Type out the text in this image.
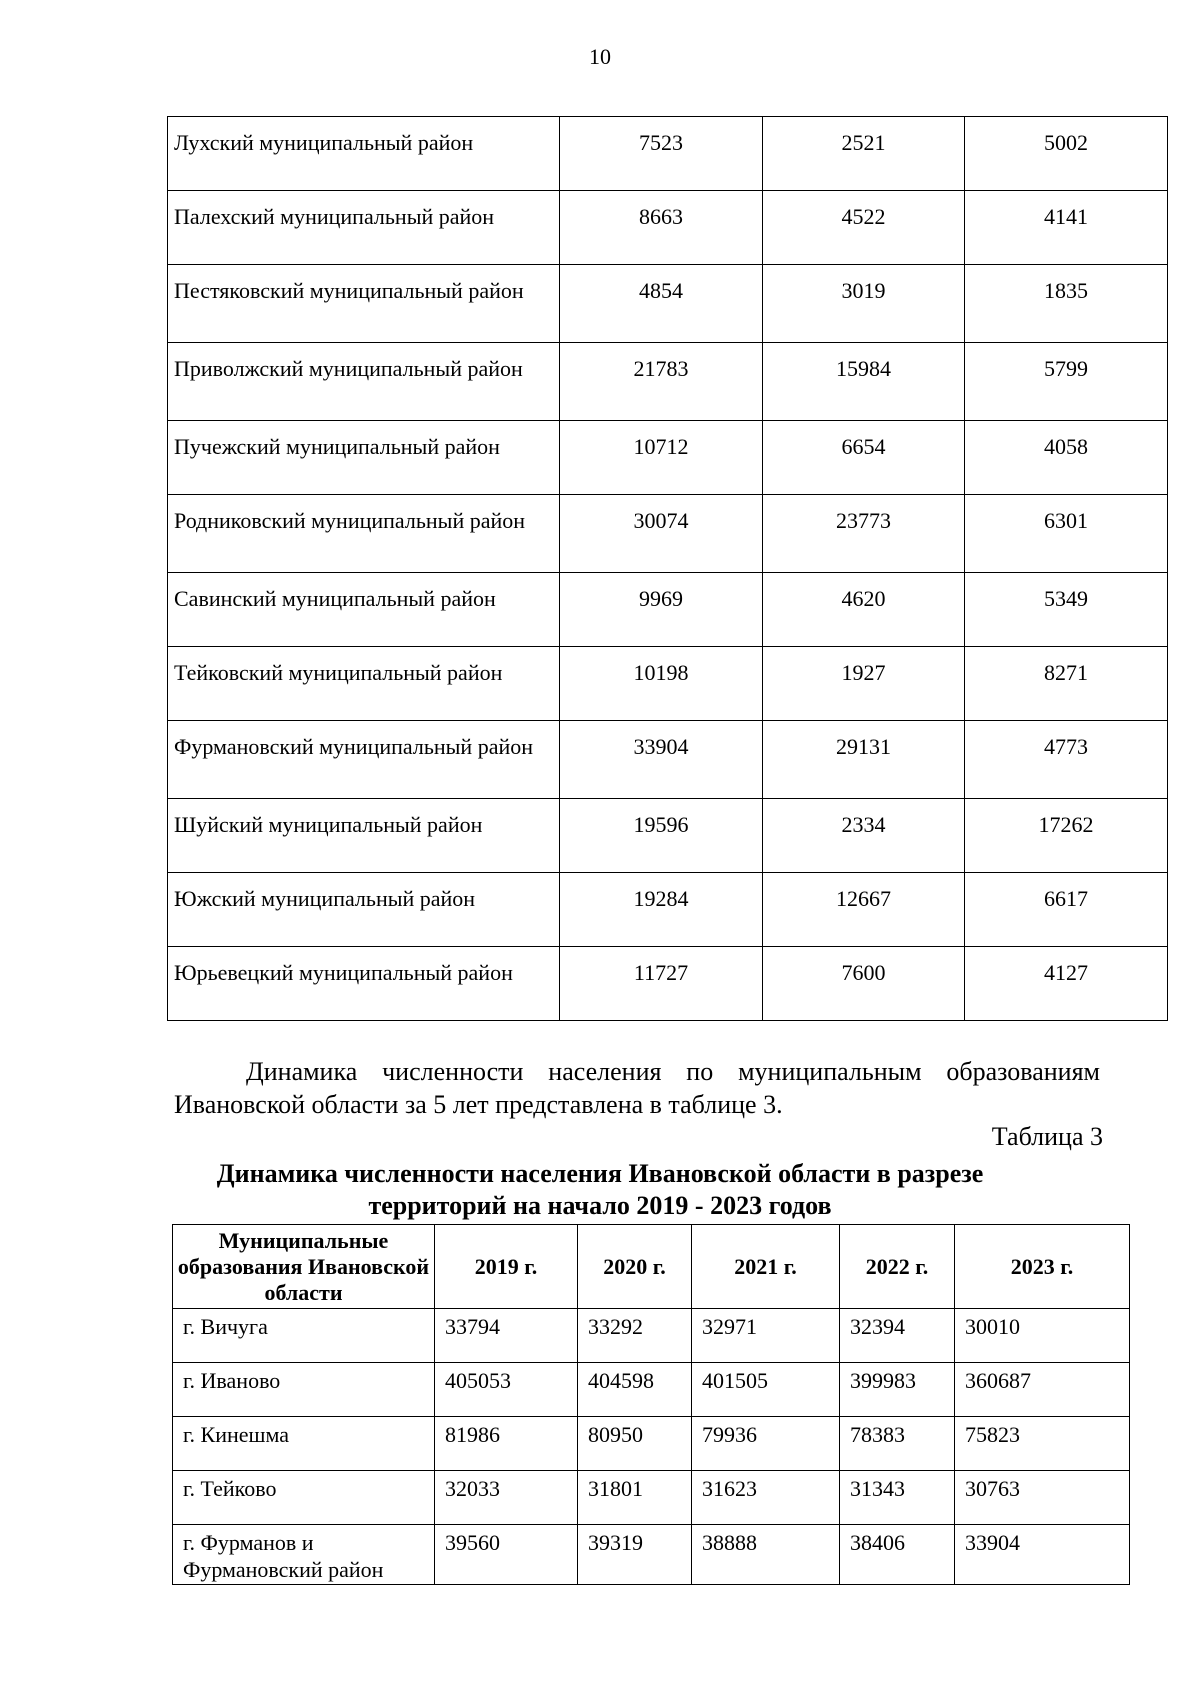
10
Лухский муниципальный район	7523	2521	5002
Палехский муниципальный район	8663	4522	4141
Пестяковский муниципальный район	4854	3019	1835
Приволжский муниципальный район	21783	15984	5799
Пучежский муниципальный район	10712	6654	4058
Родниковский муниципальный район	30074	23773	6301
Савинский муниципальный район	9969	4620	5349
Тейковский муниципальный район	10198	1927	8271
Фурмановский муниципальный район	33904	29131	4773
Шуйский муниципальный район	19596	2334	17262
Южский муниципальный район	19284	12667	6617
Юрьевецкий муниципальный район	11727	7600	4127
Динамика численности населения по муниципальным образованиям Ивановской области за 5 лет представлена в таблице 3.
Таблица 3
Динамика численности населения Ивановской области в разрезе территорий на начало 2019 - 2023 годов
Муниципальные образования Ивановской области	2019 г.	2020 г.	2021 г.	2022 г.	2023 г.
г. Вичуга	33794	33292	32971	32394	30010
г. Иваново	405053	404598	401505	399983	360687
г. Кинешма	81986	80950	79936	78383	75823
г. Тейково	32033	31801	31623	31343	30763
г. Фурманов и Фурмановский район	39560	39319	38888	38406	33904
